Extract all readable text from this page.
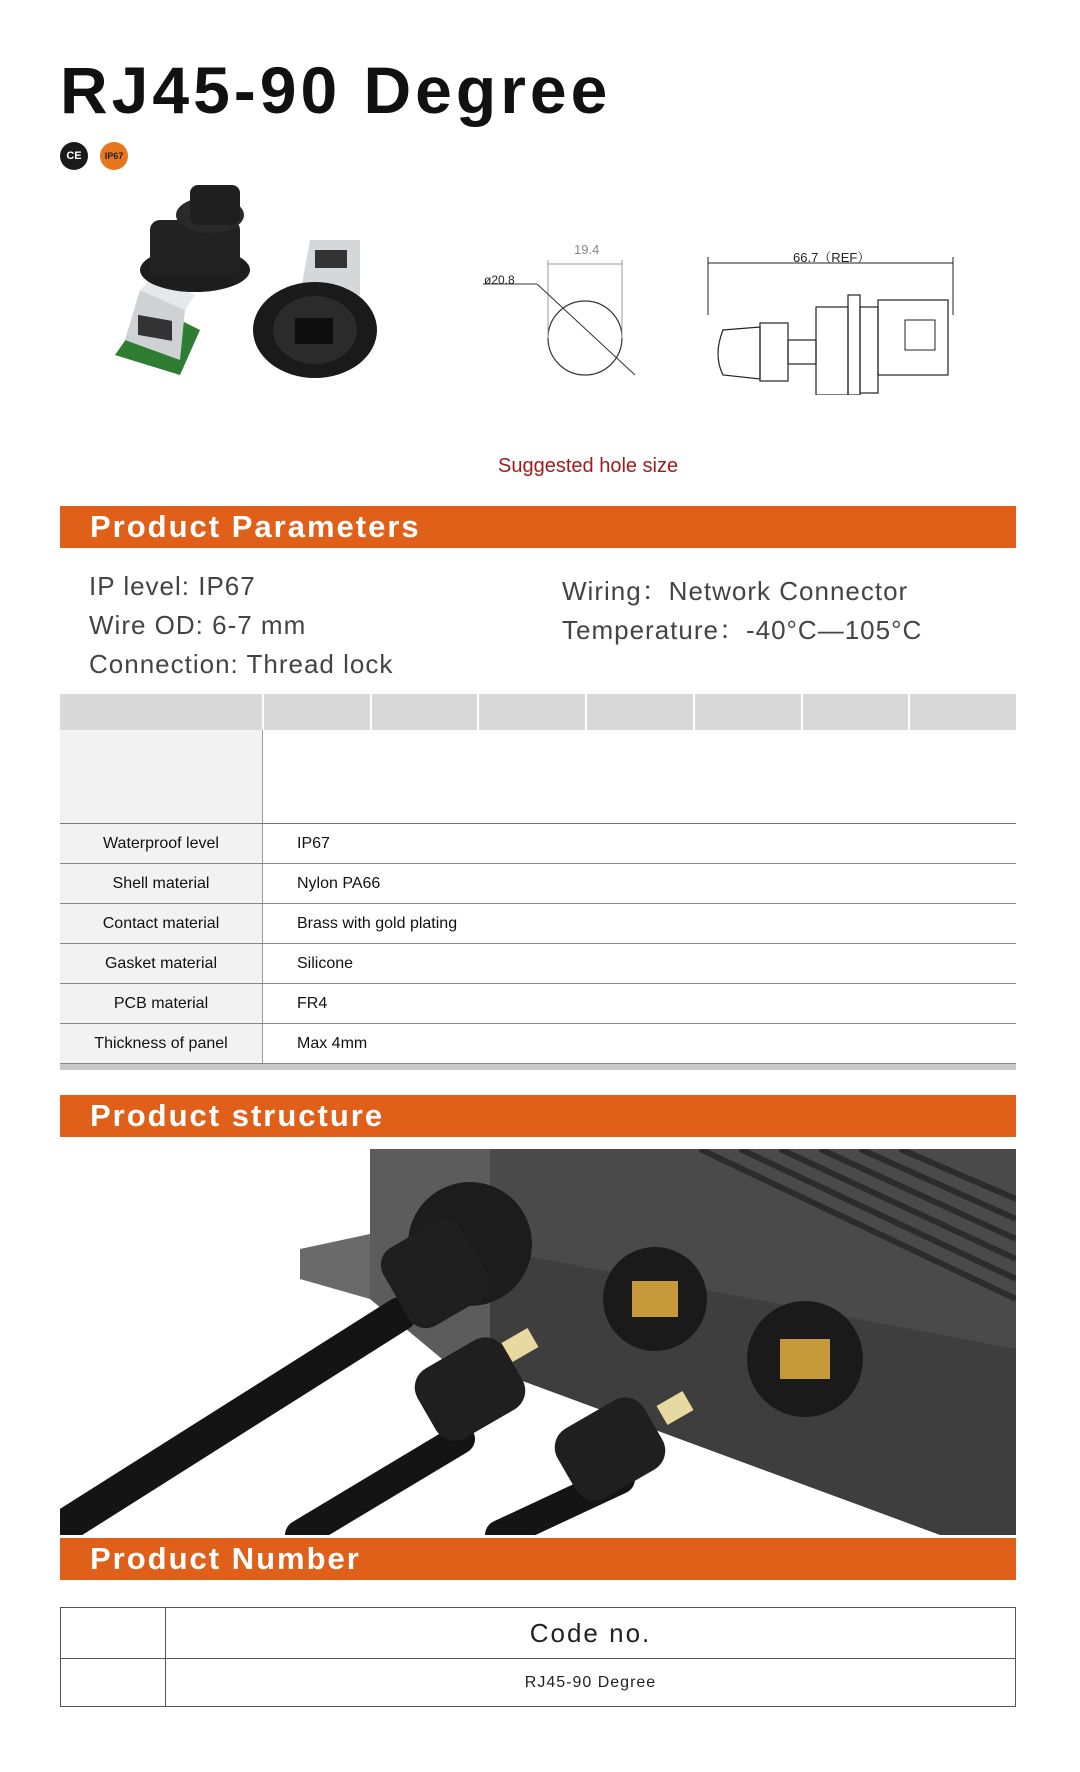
RJ45-90 Degree
CE	IP67
19.4
ø20.8
66.7（REF）
Suggested hole size
Product Parameters
IP level: IP67
Wire OD: 6-7 mm
Connection: Thread lock
Wiring：Network Connector
Temperature：-40°C—105°C
Waterproof level	IP67
Shell material	Nylon PA66
Contact material	Brass with gold plating
Gasket material	Silicone
PCB material	FR4
Thickness of panel	Max 4mm
Product structure
Product Number
Code no.
RJ45-90 Degree
